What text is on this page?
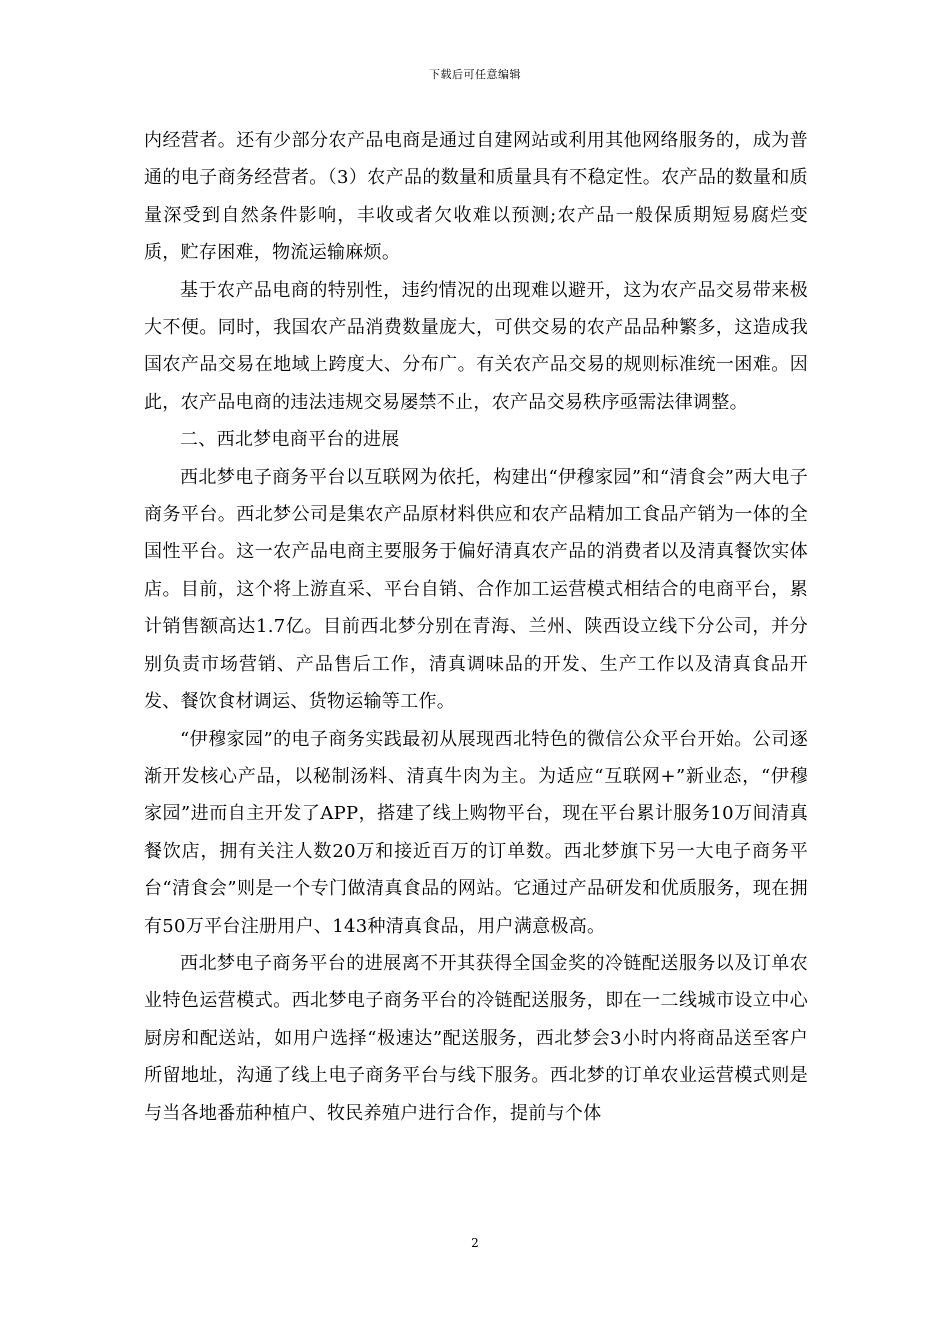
下载后可任意编辑

内经营者。还有少部分农产品电商是通过自建网站或利用其他网络服务的，成为普通的电子商务经营者。（3）农产品的数量和质量具有不稳定性。农产品的数量和质量深受到自然条件影响，丰收或者欠收难以预测;农产品一般保质期短易腐烂变质，贮存困难，物流运输麻烦。

基于农产品电商的特别性，违约情况的出现难以避开，这为农产品交易带来极大不便。同时，我国农产品消费数量庞大，可供交易的农产品品种繁多，这造成我国农产品交易在地域上跨度大、分布广。有关农产品交易的规则标准统一困难。因此，农产品电商的违法违规交易屡禁不止，农产品交易秩序亟需法律调整。

二、西北梦电商平台的进展

西北梦电子商务平台以互联网为依托，构建出“伊穆家园”和“清食会”两大电子商务平台。西北梦公司是集农产品原材料供应和农产品精加工食品产销为一体的全国性平台。这一农产品电商主要服务于偏好清真农产品的消费者以及清真餐饮实体店。目前，这个将上游直采、平台自销、合作加工运营模式相结合的电商平台，累计销售额高达1.7亿。目前西北梦分别在青海、兰州、陕西设立线下分公司，并分别负责市场营销、产品售后工作，清真调味品的开发、生产工作以及清真食品开发、餐饮食材调运、货物运输等工作。

“伊穆家园”的电子商务实践最初从展现西北特色的微信公众平台开始。公司逐渐开发核心产品，以秘制汤料、清真牛肉为主。为适应“互联网+”新业态，“伊穆家园”进而自主开发了APP，搭建了线上购物平台，现在平台累计服务10万间清真餐饮店，拥有关注人数20万和接近百万的订单数。西北梦旗下另一大电子商务平台“清食会”则是一个专门做清真食品的网站。它通过产品研发和优质服务，现在拥有50万平台注册用户、143种清真食品，用户满意极高。

西北梦电子商务平台的进展离不开其获得全国金奖的冷链配送服务以及订单农业特色运营模式。西北梦电子商务平台的冷链配送服务，即在一二线城市设立中心厨房和配送站，如用户选择“极速达”配送服务，西北梦会3小时内将商品送至客户所留地址，沟通了线上电子商务平台与线下服务。西北梦的订单农业运营模式则是与当各地番茄种植户、牧民养殖户进行合作，提前与个体

2
